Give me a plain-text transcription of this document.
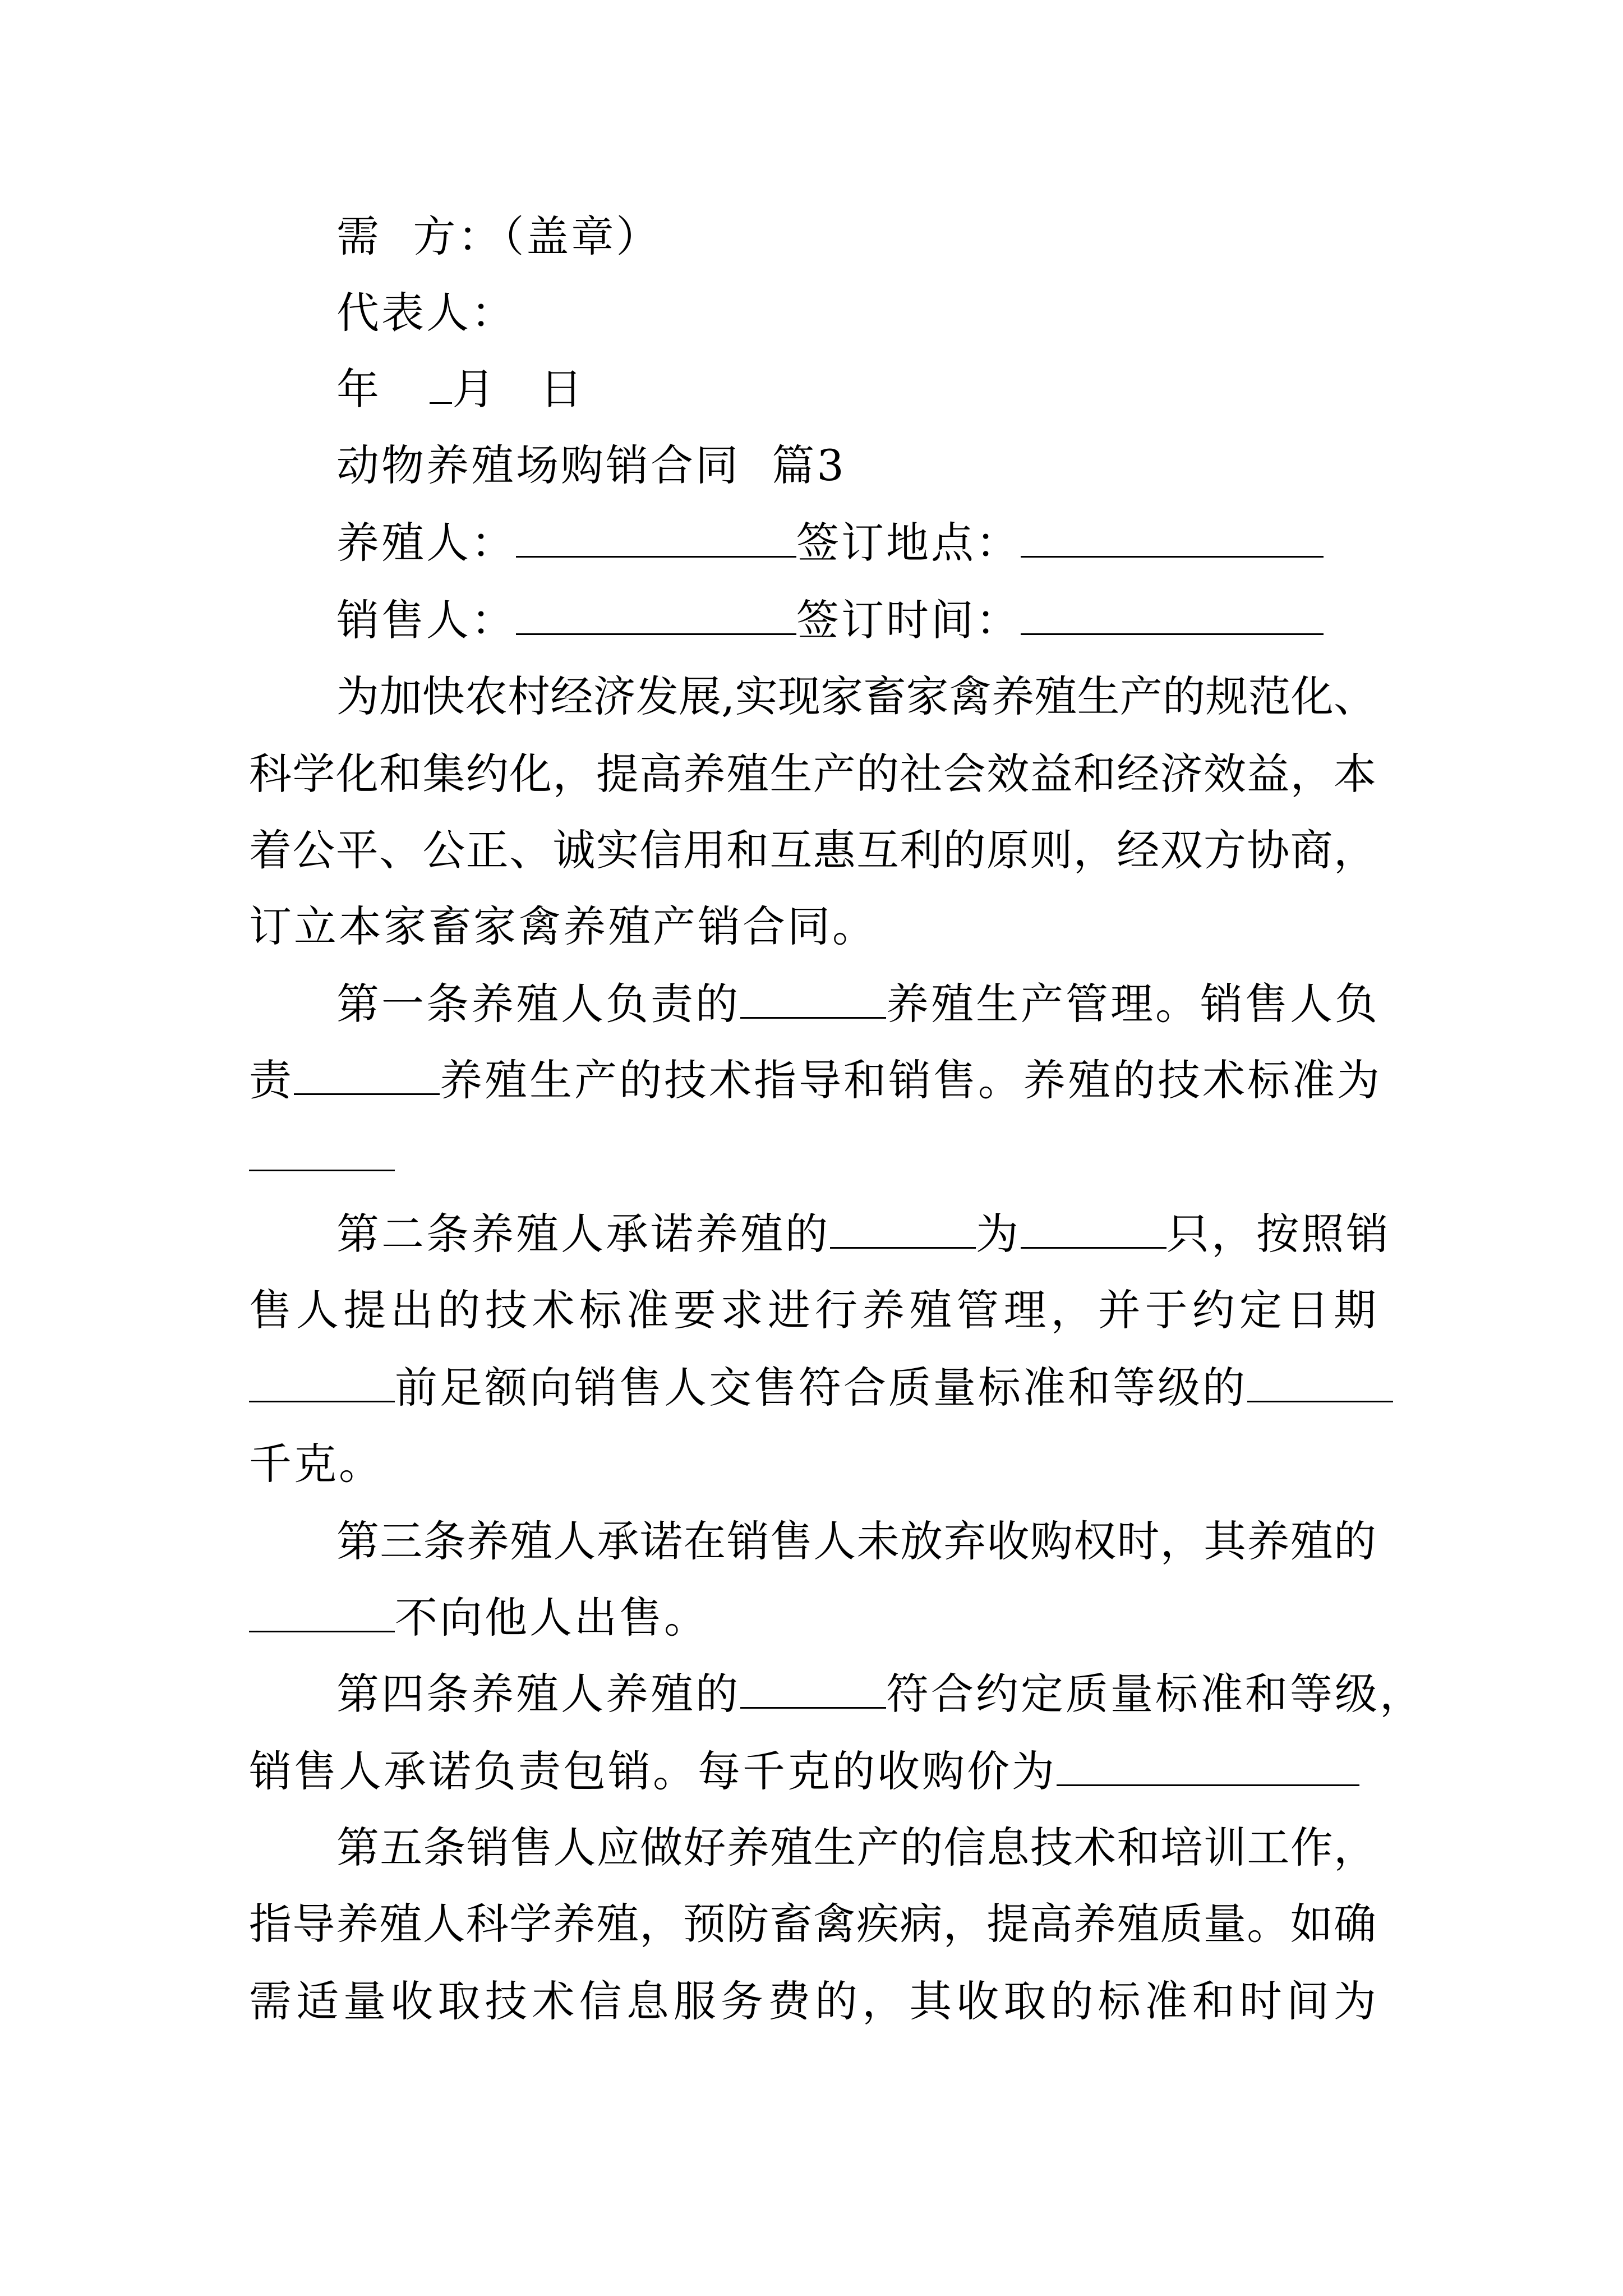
需  方：（盖章）
代表人：
年 月 日
动物养殖场购销合同  篇3
养殖人：	签订地点：
销售人：	签订时间：
为加快农村经济发展,实现家畜家禽养殖生产的规范化、
科学化和集约化，提高养殖生产的社会效益和经济效益，本
着公平、公正、诚实信用和互惠互利的原则，经双方协商，
订立本家畜家禽养殖产销合同。
第一条养殖人负责的	养殖生产管理。销售人负
责	养殖生产的技术指导和销售。养殖的技术标准为
第二条养殖人承诺养殖的	为	只，按照销
售人提出的技术标准要求进行养殖管理，并于约定日期
前足额向销售人交售符合质量标准和等级的
千克。
第三条养殖人承诺在销售人未放弃收购权时，其养殖的
不向他人出售。
第四条养殖人养殖的	符合约定质量标准和等级，
销售人承诺负责包销。每千克的收购价为
第五条销售人应做好养殖生产的信息技术和培训工作，
指导养殖人科学养殖，预防畜禽疾病，提高养殖质量。如确
需适量收取技术信息服务费的，其收取的标准和时间为
